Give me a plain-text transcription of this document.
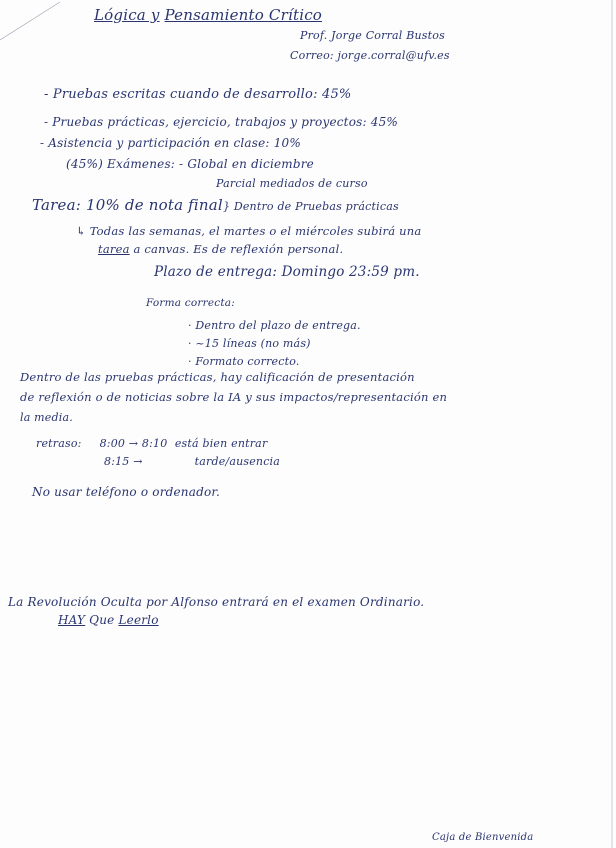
Lógica y Pensamiento Crítico
Prof. Jorge Corral Bustos
Correo: jorge.corral@ufv.es
- Pruebas escritas cuando de desarrollo: 45%
- Pruebas prácticas, ejercicio, trabajos y proyectos: 45%
- Asistencia y participación en clase: 10%
(45%) Exámenes: - Global en diciembre
Parcial mediados de curso
Tarea: 10% de nota final} Dentro de Pruebas prácticas
↳ Todas las semanas, el martes o el miércoles subirá una
tarea a canvas. Es de reflexión personal.
Plazo de entrega: Domingo 23:59 pm.
Forma correcta:
· Dentro del plazo de entrega.
· ~15 líneas (no más)
· Formato correcto.
Dentro de las pruebas prácticas, hay calificación de presentación
de reflexión o de noticias sobre la IA y sus impactos/representación en
la media.
retraso: 8:00 → 8:10 está bien entrar
8:15 →	tarde/ausencia
No usar teléfono o ordenador.
La Revolución Oculta por Alfonso entrará en el examen Ordinario.
HAY Que Leerlo
Caja de Bienvenida
